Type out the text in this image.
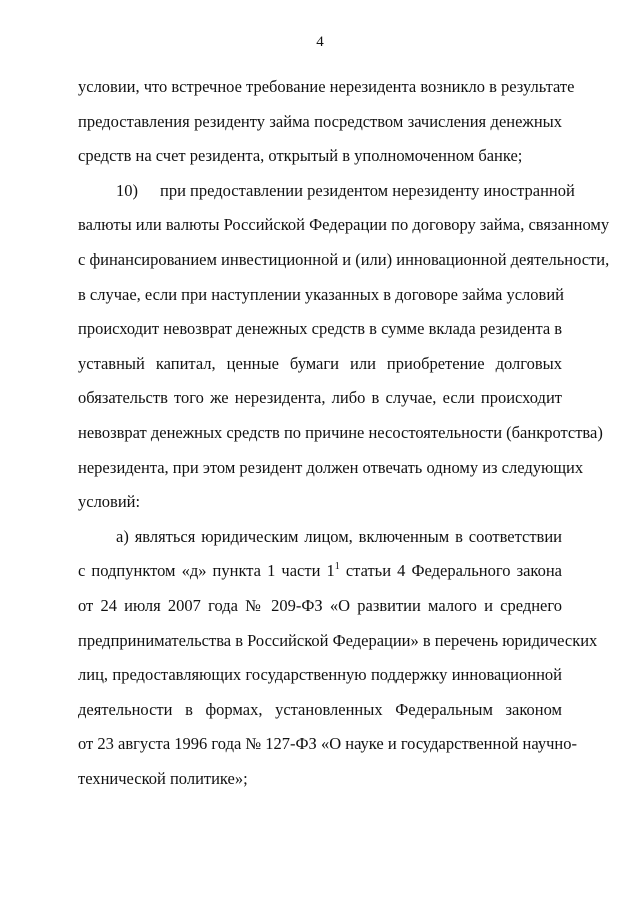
4
условии, что встречное требование нерезидента возникло в результате
предоставления резиденту займа посредством зачисления денежных
средств на счет резидента, открытый в уполномоченном банке;
10) при предоставлении резидентом нерезиденту иностранной
валюты или валюты Российской Федерации по договору займа, связанному
с финансированием инвестиционной и (или) инновационной деятельности,
в случае, если при наступлении указанных в договоре займа условий
происходит невозврат денежных средств в сумме вклада резидента в
уставный капитал, ценные бумаги или приобретение долговых
обязательств того же нерезидента, либо в случае, если происходит
невозврат денежных средств по причине несостоятельности (банкротства)
нерезидента, при этом резидент должен отвечать одному из следующих
условий:
а) являться юридическим лицом, включенным в соответствии
с подпунктом «д» пункта 1 части $1^1$ статьи 4 Федерального закона
от 24 июля 2007 года № 209-ФЗ «О развитии малого и среднего
предпринимательства в Российской Федерации» в перечень юридических
лиц, предоставляющих государственную поддержку инновационной
деятельности в формах, установленных Федеральным законом
от 23 августа 1996 года № 127-ФЗ «О науке и государственной научно-
технической политике»;
